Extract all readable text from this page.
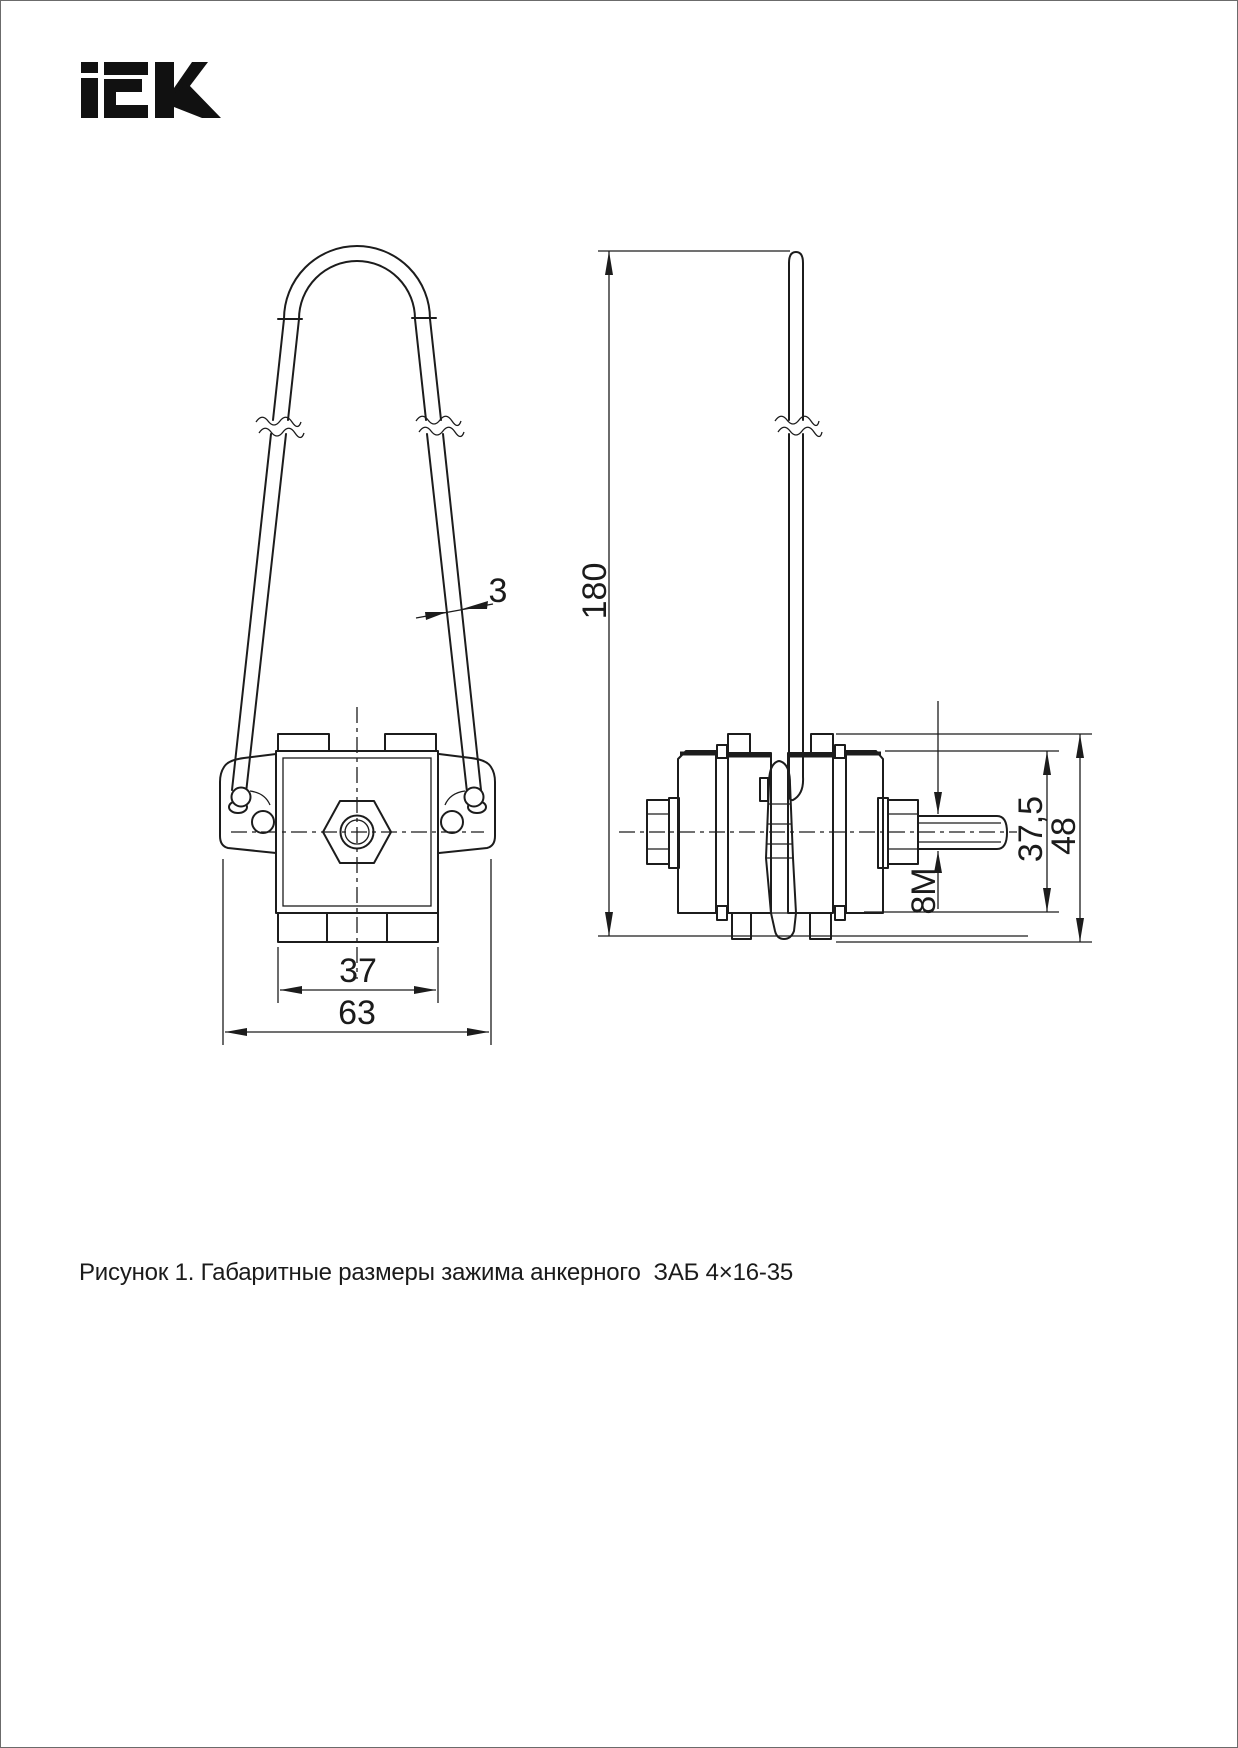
3
37
63
180
8М
37,5
48
Рисунок 1. Габаритные размеры зажима анкерного  ЗАБ 4×16-35
